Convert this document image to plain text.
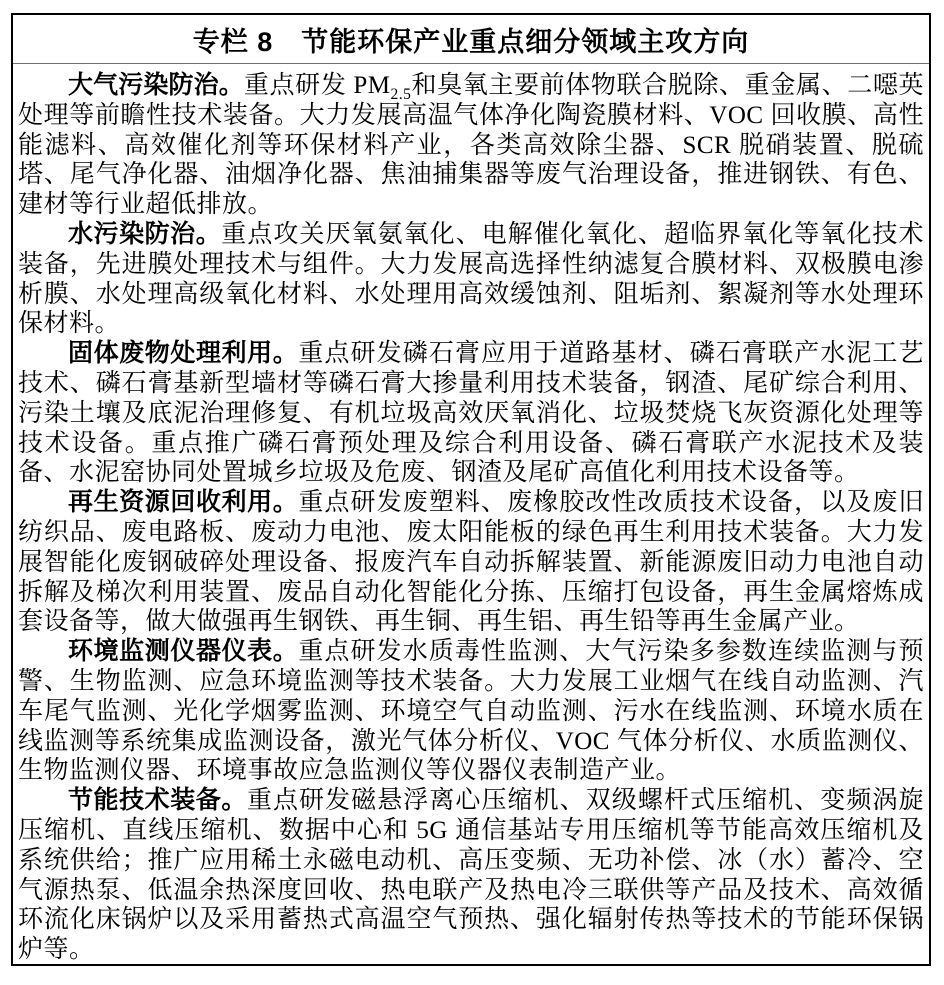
专栏 8　节能环保产业重点细分领域主攻方向

大气污染防治。重点研发 $PM_{2.5}$和臭氧主要前体物联合脱除、重金属、二噁英处理等前瞻性技术装备。大力发展高温气体净化陶瓷膜材料、VOC 回收膜、高性能滤料、高效催化剂等环保材料产业，各类高效除尘器、SCR 脱硝装置、脱硫塔、尾气净化器、油烟净化器、焦油捕集器等废气治理设备，推进钢铁、有色、建材等行业超低排放。

水污染防治。重点攻关厌氧氨氧化、电解催化氧化、超临界氧化等氧化技术装备，先进膜处理技术与组件。大力发展高选择性纳滤复合膜材料、双极膜电渗析膜、水处理高级氧化材料、水处理用高效缓蚀剂、阻垢剂、絮凝剂等水处理环保材料。

固体废物处理利用。重点研发磷石膏应用于道路基材、磷石膏联产水泥工艺技术、磷石膏基新型墙材等磷石膏大掺量利用技术装备，钢渣、尾矿综合利用、污染土壤及底泥治理修复、有机垃圾高效厌氧消化、垃圾焚烧飞灰资源化处理等技术设备。重点推广磷石膏预处理及综合利用设备、磷石膏联产水泥技术及装备、水泥窑协同处置城乡垃圾及危废、钢渣及尾矿高值化利用技术设备等。

再生资源回收利用。重点研发废塑料、废橡胶改性改质技术设备，以及废旧纺织品、废电路板、废动力电池、废太阳能板的绿色再生利用技术装备。大力发展智能化废钢破碎处理设备、报废汽车自动拆解装置、新能源废旧动力电池自动拆解及梯次利用装置、废品自动化智能化分拣、压缩打包设备，再生金属熔炼成套设备等，做大做强再生钢铁、再生铜、再生铝、再生铅等再生金属产业。

环境监测仪器仪表。重点研发水质毒性监测、大气污染多参数连续监测与预警、生物监测、应急环境监测等技术装备。大力发展工业烟气在线自动监测、汽车尾气监测、光化学烟雾监测、环境空气自动监测、污水在线监测、环境水质在线监测等系统集成监测设备，激光气体分析仪、VOC 气体分析仪、水质监测仪、生物监测仪器、环境事故应急监测仪等仪器仪表制造产业。

节能技术装备。重点研发磁悬浮离心压缩机、双级螺杆式压缩机、变频涡旋压缩机、直线压缩机、数据中心和 5G 通信基站专用压缩机等节能高效压缩机及系统供给；推广应用稀土永磁电动机、高压变频、无功补偿、冰（水）蓄冷、空气源热泵、低温余热深度回收、热电联产及热电冷三联供等产品及技术、高效循环流化床锅炉以及采用蓄热式高温空气预热、强化辐射传热等技术的节能环保锅炉等。
